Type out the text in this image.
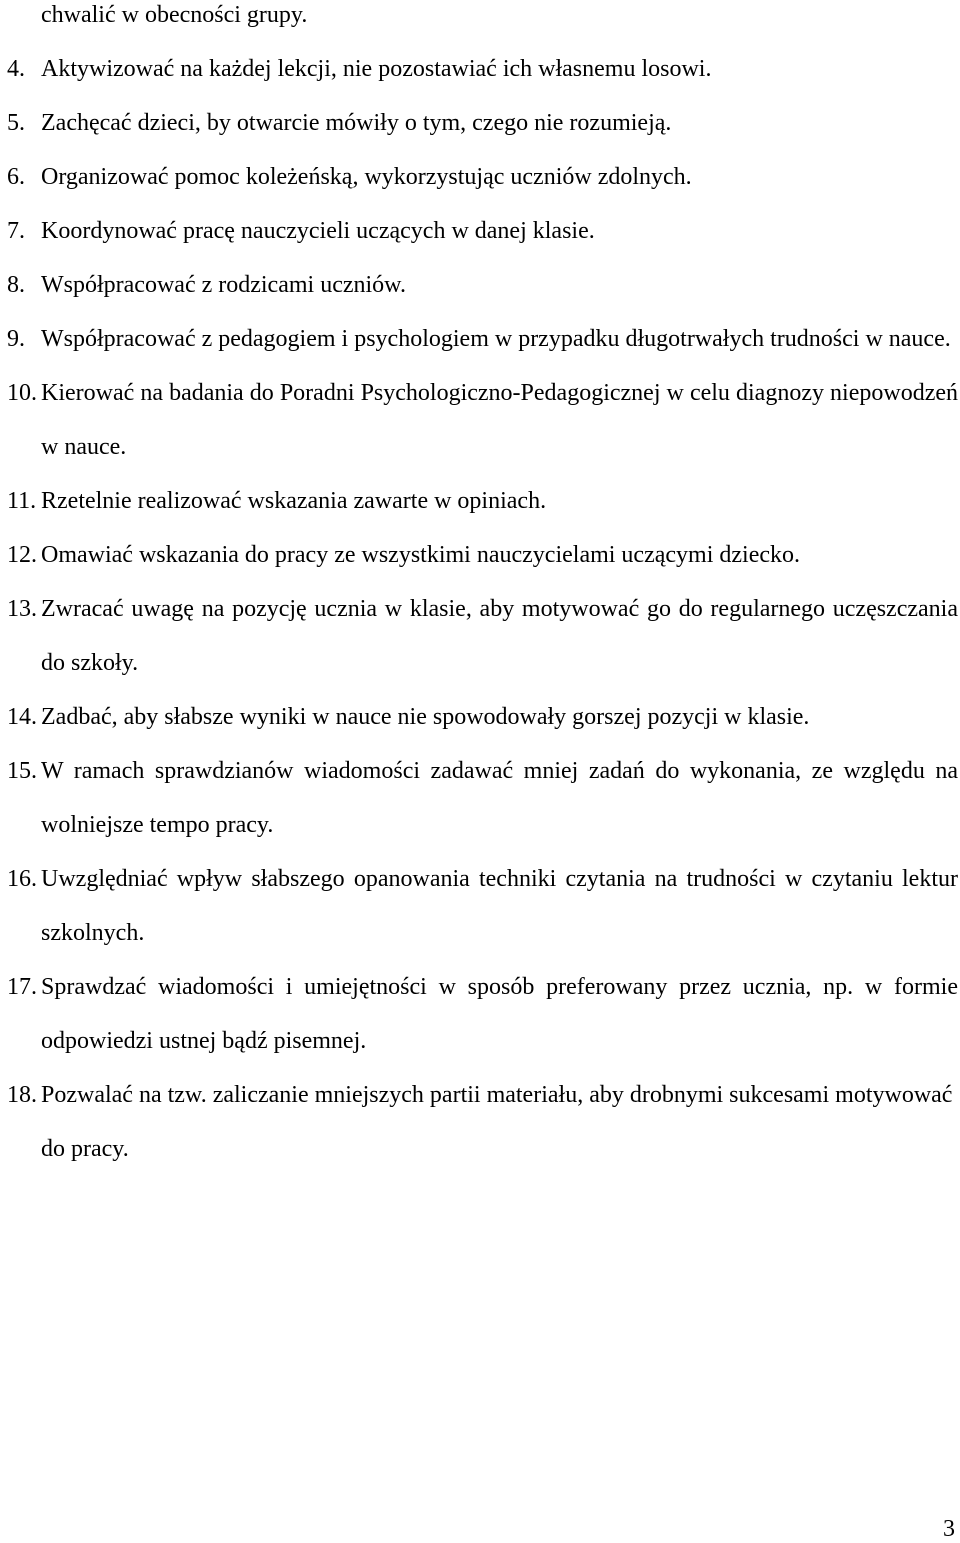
chwalić w obecności grupy.
4. Aktywizować na każdej lekcji, nie pozostawiać ich własnemu losowi.
5. Zachęcać dzieci, by otwarcie mówiły o tym, czego nie rozumieją.
6. Organizować pomoc koleżeńską, wykorzystując uczniów zdolnych.
7. Koordynować pracę nauczycieli uczących w danej klasie.
8. Współpracować z rodzicami uczniów.
9. Współpracować z pedagogiem i psychologiem w przypadku długotrwałych trudności w nauce.
10. Kierować na badania do Poradni Psychologiczno-Pedagogicznej w celu diagnozy niepowodzeń w nauce.
11. Rzetelnie realizować wskazania zawarte w opiniach.
12. Omawiać wskazania do pracy ze wszystkimi nauczycielami uczącymi dziecko.
13. Zwracać uwagę na pozycję ucznia w klasie, aby motywować go do regularnego uczęszczania do szkoły.
14. Zadbać, aby słabsze wyniki w nauce nie spowodowały gorszej pozycji w klasie.
15. W ramach sprawdzianów wiadomości zadawać mniej zadań do wykonania, ze względu na wolniejsze tempo pracy.
16. Uwzględniać wpływ słabszego opanowania techniki czytania na trudności w czytaniu lektur szkolnych.
17. Sprawdzać wiadomości i umiejętności w sposób preferowany przez ucznia, np. w formie odpowiedzi ustnej bądź pisemnej.
18. Pozwalać na tzw. zaliczanie mniejszych partii materiału, aby drobnymi sukcesami motywować do pracy.
3
